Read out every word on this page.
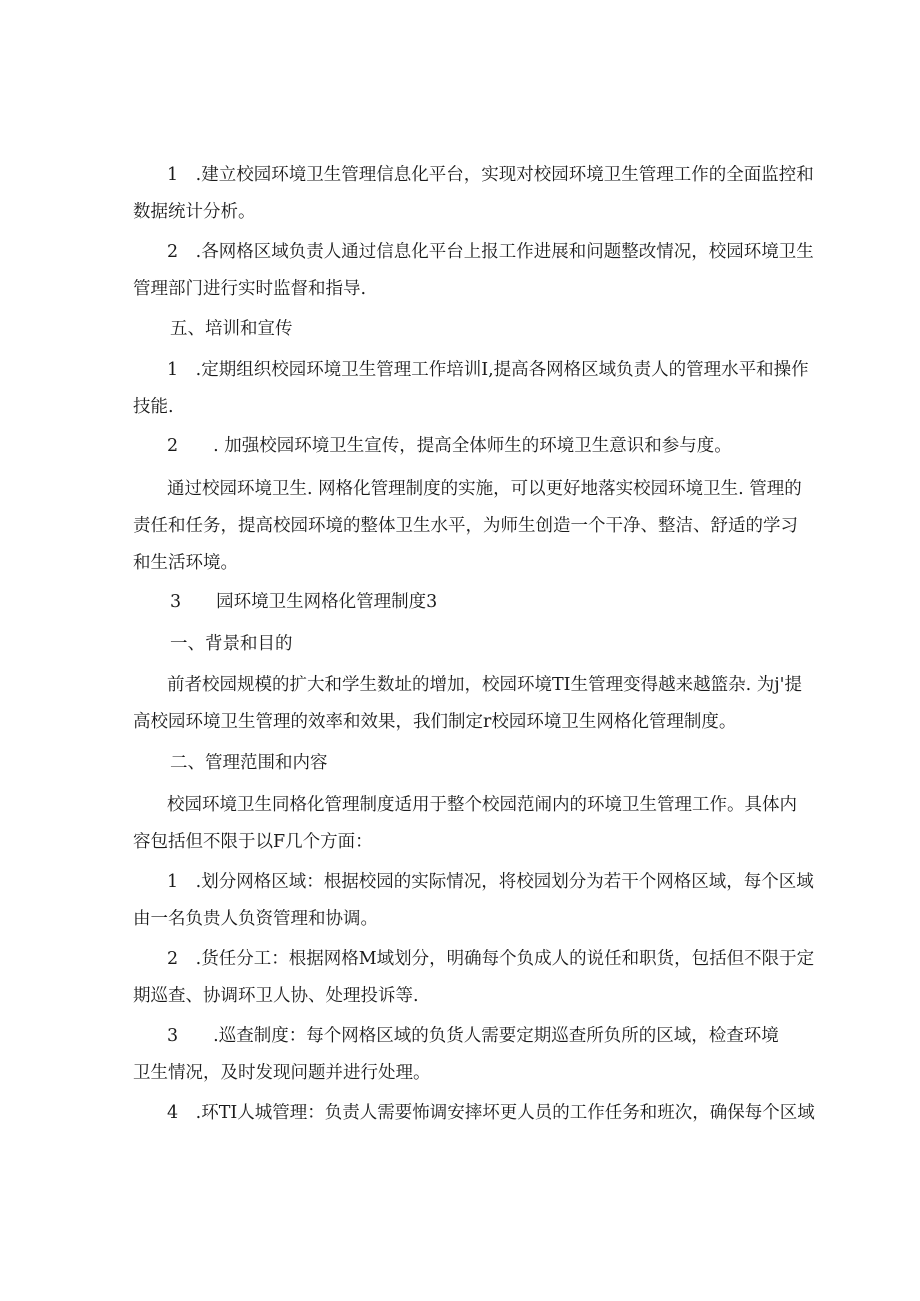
1　.建立校园环境卫生管理信息化平台，实现对校园环境卫生管理工作的全面监控和
数据统计分析。

2　.各网格区域负责人通过信息化平台上报工作进展和问题整改情况，校园环境卫生
管理部门进行实时监督和指导.

五、培训和宣传

1　.定期组织校园环境卫生管理工作培训I,提高各网格区域负责人的管理水平和操作
技能.

2　　. 加强校园环境卫生宣传，提高全体师生的环境卫生意识和参与度。

通过校园环境卫生. 网格化管理制度的实施，可以更好地落实校园环境卫生. 管理的
责任和任务，提高校园环境的整体卫生水平，为师生创造一个干净、整洁、舒适的学习
和生活环境。

3　　园环境卫生网格化管理制度3
一、背景和目的

前者校园规模的扩大和学生数址的增加，校园环境TI生管理变得越来越篮杂. 为j'提
高校园环境卫生管理的效率和效果，我们制定r校园环境卫生网格化管理制度。

二、管理范围和内容

校园环境卫生同格化管理制度适用于整个校园范闹内的环境卫生管理工作。具体内
容包括但不限于以F几个方面：

1　.划分网格区域：根据校园的实际情况，将校园划分为若干个网格区域，每个区域
由一名负贵人负资管理和协调。

2　.货任分工：根据网格M域划分，明确每个负成人的说任和职货，包括但不限于定
期巡查、协调环卫人协、处理投诉等.

3　　.巡查制度：每个网格区域的负货人需要定期巡查所负所的区域，检查环境
卫生情况，及时发现问题并进行处理。

4　.环TI人城管理：负责人需要怖调安摔坏更人员的工作任务和班次，确保每个区域
